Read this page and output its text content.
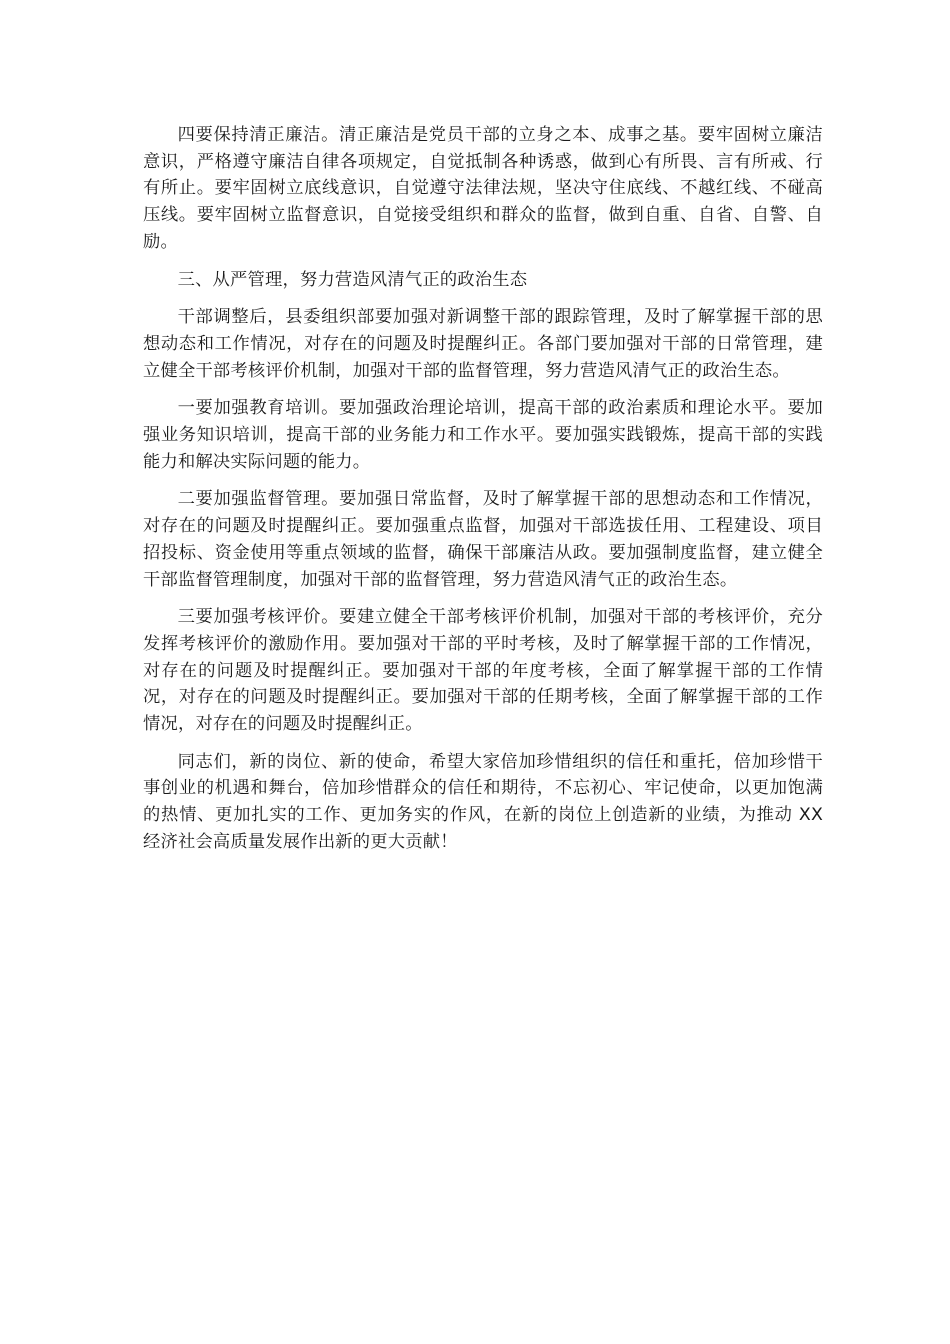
四要保持清正廉洁。清正廉洁是党员干部的立身之本、成事之基。要牢固树立廉洁意识，严格遵守廉洁自律各项规定，自觉抵制各种诱惑，做到心有所畏、言有所戒、行有所止。要牢固树立底线意识，自觉遵守法律法规，坚决守住底线、不越红线、不碰高压线。要牢固树立监督意识，自觉接受组织和群众的监督，做到自重、自省、自警、自励。

三、从严管理，努力营造风清气正的政治生态

干部调整后，县委组织部要加强对新调整干部的跟踪管理，及时了解掌握干部的思想动态和工作情况，对存在的问题及时提醒纠正。各部门要加强对干部的日常管理，建立健全干部考核评价机制，加强对干部的监督管理，努力营造风清气正的政治生态。

一要加强教育培训。要加强政治理论培训，提高干部的政治素质和理论水平。要加强业务知识培训，提高干部的业务能力和工作水平。要加强实践锻炼，提高干部的实践能力和解决实际问题的能力。

二要加强监督管理。要加强日常监督，及时了解掌握干部的思想动态和工作情况，对存在的问题及时提醒纠正。要加强重点监督，加强对干部选拔任用、工程建设、项目招投标、资金使用等重点领域的监督，确保干部廉洁从政。要加强制度监督，建立健全干部监督管理制度，加强对干部的监督管理，努力营造风清气正的政治生态。

三要加强考核评价。要建立健全干部考核评价机制，加强对干部的考核评价，充分发挥考核评价的激励作用。要加强对干部的平时考核，及时了解掌握干部的工作情况，对存在的问题及时提醒纠正。要加强对干部的年度考核，全面了解掌握干部的工作情况，对存在的问题及时提醒纠正。要加强对干部的任期考核，全面了解掌握干部的工作情况，对存在的问题及时提醒纠正。

同志们，新的岗位、新的使命，希望大家倍加珍惜组织的信任和重托，倍加珍惜干事创业的机遇和舞台，倍加珍惜群众的信任和期待，不忘初心、牢记使命，以更加饱满的热情、更加扎实的工作、更加务实的作风，在新的岗位上创造新的业绩，为推动 XX 经济社会高质量发展作出新的更大贡献！
